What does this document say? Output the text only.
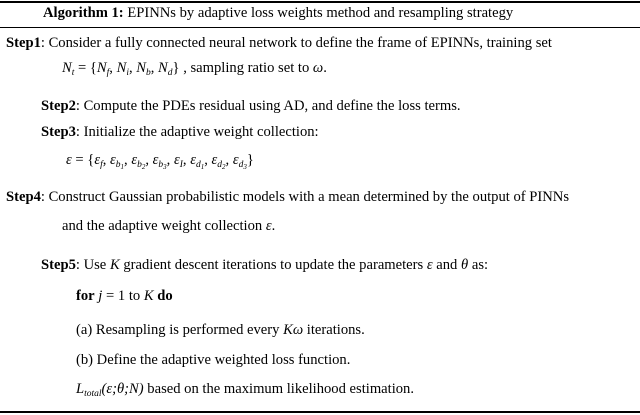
Algorithm 1: EPINNs by adaptive loss weights method and resampling strategy
Step1: Consider a fully connected neural network to define the frame of EPINNs, training set
$N_t = \{N_f$, $N_i$, $N_b$, $N_d$} , sampling ratio set to ω.
Step2: Compute the PDEs residual using AD, and define the loss terms.
Step3: Initialize the adaptive weight collection:
$\varepsilon = \{\varepsilon_f$, $\varepsilon_{b1}$, $\varepsilon_{b2}$, $\varepsilon_{b3}$, $\varepsilon_I$, $\varepsilon_{d1}$, $\varepsilon_{d2}$, $\varepsilon_{d3}$}
Step4: Construct Gaussian probabilistic models with a mean determined by the output of PINNs
and the adaptive weight collection ε.
Step5: Use K gradient descent iterations to update the parameters ε and θ as:
for j = 1 to K do
(a) Resampling is performed every Kω iterations.
(b) Define the adaptive weighted loss function.
$L_{total}(\varepsilon;\theta;N)$ based on the maximum likelihood estimation.
